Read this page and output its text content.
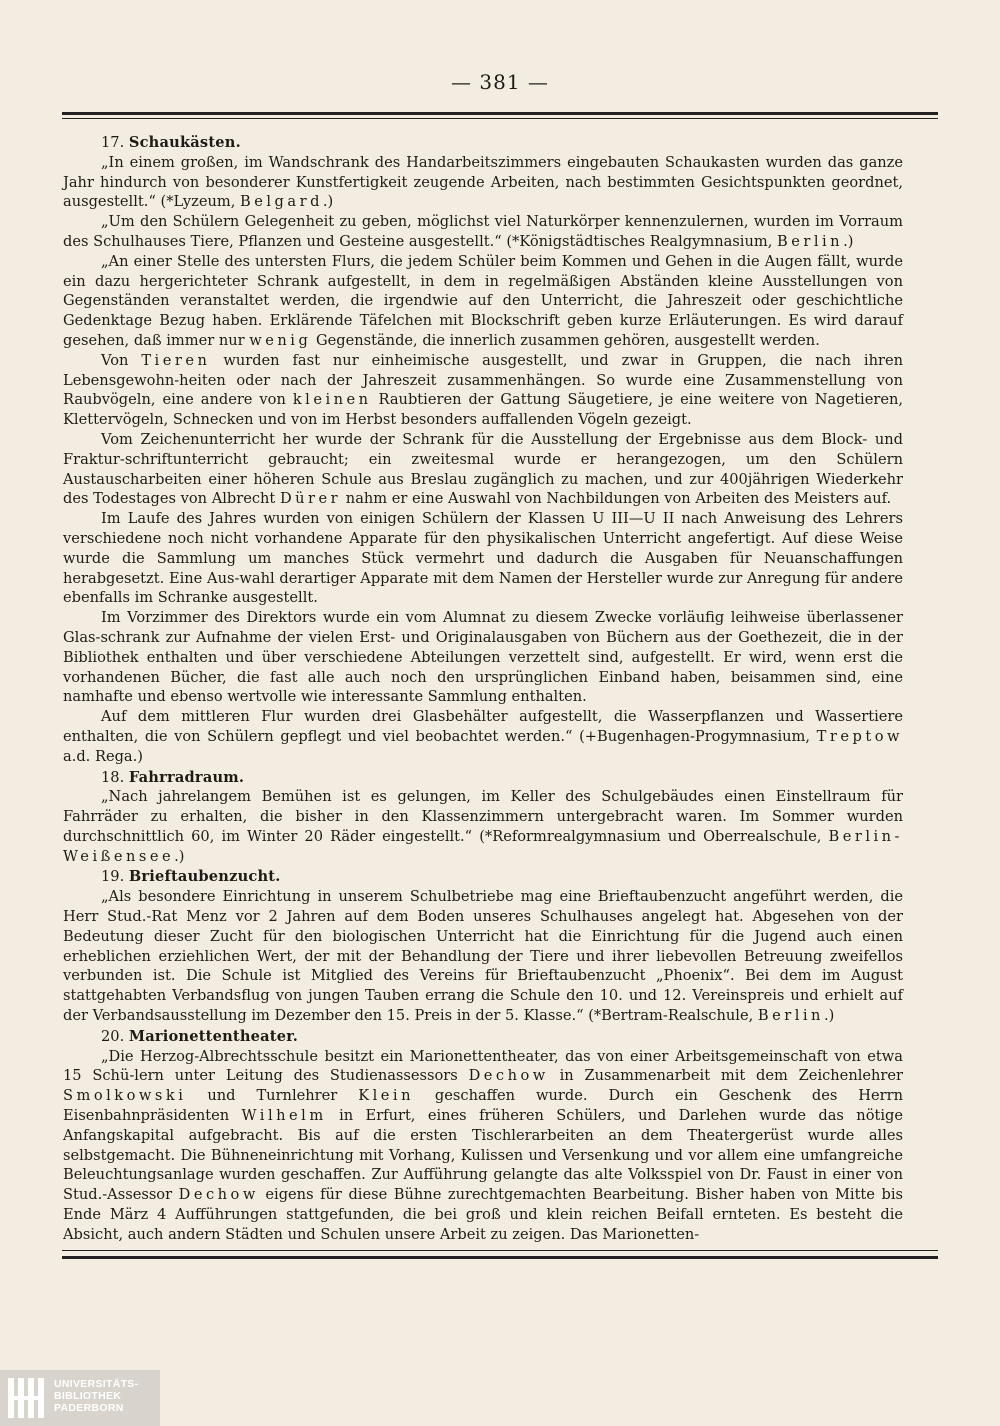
— 381 —

17. Schaukästen.

„In einem großen, im Wandschrank des Handarbeitszimmers eingebauten Schaukasten wurden das ganze Jahr hindurch von besonderer Kunstfertigkeit zeugende Arbeiten, nach bestimmten Gesichtspunkten geordnet, ausgestellt.“ (*Lyzeum, Belgard.)

„Um den Schülern Gelegenheit zu geben, möglichst viel Naturkörper kennenzulernen, wurden im Vorraum des Schulhauses Tiere, Pflanzen und Gesteine ausgestellt.“ (*Königstädtisches Realgymnasium, Berlin.)

„An einer Stelle des untersten Flurs, die jedem Schüler beim Kommen und Gehen in die Augen fällt, wurde ein dazu hergerichteter Schrank aufgestellt, in dem in regelmäßigen Abständen kleine Ausstellungen von Gegenständen veranstaltet werden, die irgendwie auf den Unterricht, die Jahreszeit oder geschichtliche Gedenktage Bezug haben. Erklärende Täfelchen mit Blockschrift geben kurze Erläuterungen. Es wird darauf gesehen, daß immer nur wenig Gegenstände, die innerlich zusammen gehören, ausgestellt werden.

Von Tieren wurden fast nur einheimische ausgestellt, und zwar in Gruppen, die nach ihren Lebensgewohn-heiten oder nach der Jahreszeit zusammenhängen. So wurde eine Zusammenstellung von Raubvögeln, eine andere von kleinen Raubtieren der Gattung Säugetiere, je eine weitere von Nagetieren, Klettervögeln, Schnecken und von im Herbst besonders auffallenden Vögeln gezeigt.

Vom Zeichenunterricht her wurde der Schrank für die Ausstellung der Ergebnisse aus dem Block- und Fraktur-schriftunterricht gebraucht; ein zweitesmal wurde er herangezogen, um den Schülern Austauscharbeiten einer höheren Schule aus Breslau zugänglich zu machen, und zur 400jährigen Wiederkehr des Todestages von Albrecht Dürer nahm er eine Auswahl von Nachbildungen von Arbeiten des Meisters auf.

Im Laufe des Jahres wurden von einigen Schülern der Klassen U III—U II nach Anweisung des Lehrers verschiedene noch nicht vorhandene Apparate für den physikalischen Unterricht angefertigt. Auf diese Weise wurde die Sammlung um manches Stück vermehrt und dadurch die Ausgaben für Neuanschaffungen herabgesetzt. Eine Aus-wahl derartiger Apparate mit dem Namen der Hersteller wurde zur Anregung für andere ebenfalls im Schranke ausgestellt.

Im Vorzimmer des Direktors wurde ein vom Alumnat zu diesem Zwecke vorläufig leihweise überlassener Glas-schrank zur Aufnahme der vielen Erst- und Originalausgaben von Büchern aus der Goethezeit, die in der Bibliothek enthalten und über verschiedene Abteilungen verzettelt sind, aufgestellt. Er wird, wenn erst die vorhandenen Bücher, die fast alle auch noch den ursprünglichen Einband haben, beisammen sind, eine namhafte und ebenso wertvolle wie interessante Sammlung enthalten.

Auf dem mittleren Flur wurden drei Glasbehälter aufgestellt, die Wasserpflanzen und Wassertiere enthalten, die von Schülern gepflegt und viel beobachtet werden.“ (+Bugenhagen-Progymnasium, Treptow a.d. Rega.)

18. Fahrradraum.

„Nach jahrelangem Bemühen ist es gelungen, im Keller des Schulgebäudes einen Einstellraum für Fahrräder zu erhalten, die bisher in den Klassenzimmern untergebracht waren. Im Sommer wurden durchschnittlich 60, im Winter 20 Räder eingestellt.“ (*Reformrealgymnasium und Oberrealschule, Berlin-Weißensee.)

19. Brieftaubenzucht.

„Als besondere Einrichtung in unserem Schulbetriebe mag eine Brieftaubenzucht angeführt werden, die Herr Stud.-Rat Menz vor 2 Jahren auf dem Boden unseres Schulhauses angelegt hat. Abgesehen von der Bedeutung dieser Zucht für den biologischen Unterricht hat die Einrichtung für die Jugend auch einen erheblichen erziehlichen Wert, der mit der Behandlung der Tiere und ihrer liebevollen Betreuung zweifellos verbunden ist. Die Schule ist Mitglied des Vereins für Brieftaubenzucht „Phoenix“. Bei dem im August stattgehabten Verbandsflug von jungen Tauben errang die Schule den 10. und 12. Vereinspreis und erhielt auf der Verbandsausstellung im Dezember den 15. Preis in der 5. Klasse.“ (*Bertram-Realschule, Berlin.)

20. Marionettentheater.

„Die Herzog-Albrechtsschule besitzt ein Marionettentheater, das von einer Arbeitsgemeinschaft von etwa 15 Schü-lern unter Leitung des Studienassessors Dechow in Zusammenarbeit mit dem Zeichenlehrer Smolkowski und Turnlehrer Klein geschaffen wurde. Durch ein Geschenk des Herrn Eisenbahnpräsidenten Wilhelm in Erfurt, eines früheren Schülers, und Darlehen wurde das nötige Anfangskapital aufgebracht. Bis auf die ersten Tischlerarbeiten an dem Theatergerüst wurde alles selbstgemacht. Die Bühneneinrichtung mit Vorhang, Kulissen und Versenkung und vor allem eine umfangreiche Beleuchtungsanlage wurden geschaffen. Zur Aufführung gelangte das alte Volksspiel von Dr. Faust in einer von Stud.-Assessor Dechow eigens für diese Bühne zurechtgemachten Bearbeitung. Bisher haben von Mitte bis Ende März 4 Aufführungen stattgefunden, die bei groß und klein reichen Beifall ernteten. Es besteht die Absicht, auch andern Städten und Schulen unsere Arbeit zu zeigen. Das Marionetten-

UNIVERSITÄTS-
BIBLIOTHEK
PADERBORN
